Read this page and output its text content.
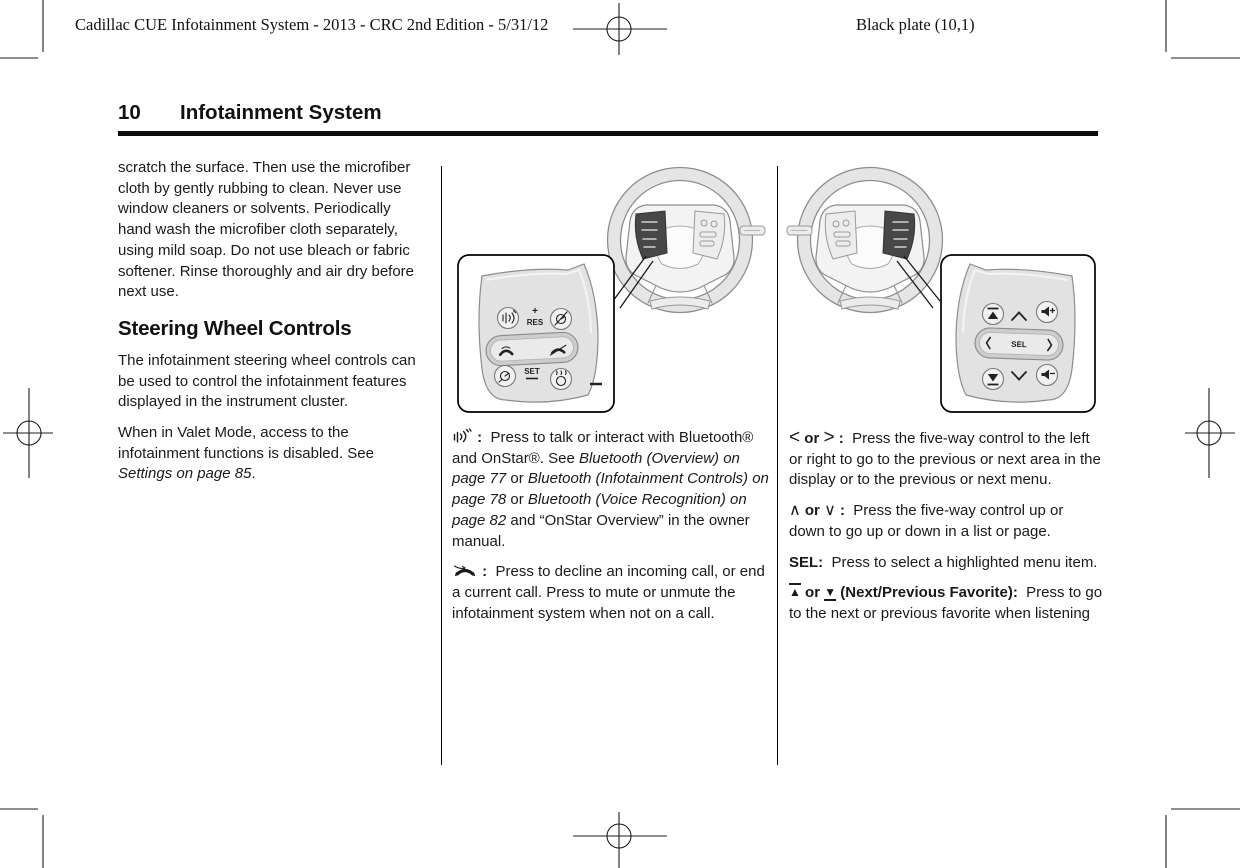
Cadillac CUE Infotainment System - 2013 - CRC 2nd Edition - 5/31/12	Black plate (10,1)
10 Infotainment System
+
RES
SET
SEL

scratch the surface. Then use the microfiber cloth by gently rubbing to clean. Never use window cleaners or solvents. Periodically hand wash the microfiber cloth separately, using mild soap. Do not use bleach or fabric softener. Rinse thoroughly and air dry before next use.

Steering Wheel Controls

The infotainment steering wheel controls can be used to control the infotainment features displayed in the instrument cluster.

When in Valet Mode, access to the infotainment functions is disabled. See Settings on page 85.

:  Press to talk or interact with Bluetooth® and OnStar®. See Bluetooth (Overview) on page 77 or Bluetooth (Infotainment Controls) on page 78 or Bluetooth (Voice Recognition) on page 82 and “OnStar Overview” in the owner manual.

:  Press to decline an incoming call, or end a current call. Press to mute or unmute the infotainment system when not on a call.

< or > :  Press the five-way control to the left or right to go to the previous or next area in the display or to the previous or next menu.

∧ or ∨ :  Press the five-way control up or down to go up or down in a list or page.

SEL:  Press to select a highlighted menu item.

▲ or ▼ (Next/Previous Favorite):  Press to go to the next or previous favorite when listening
